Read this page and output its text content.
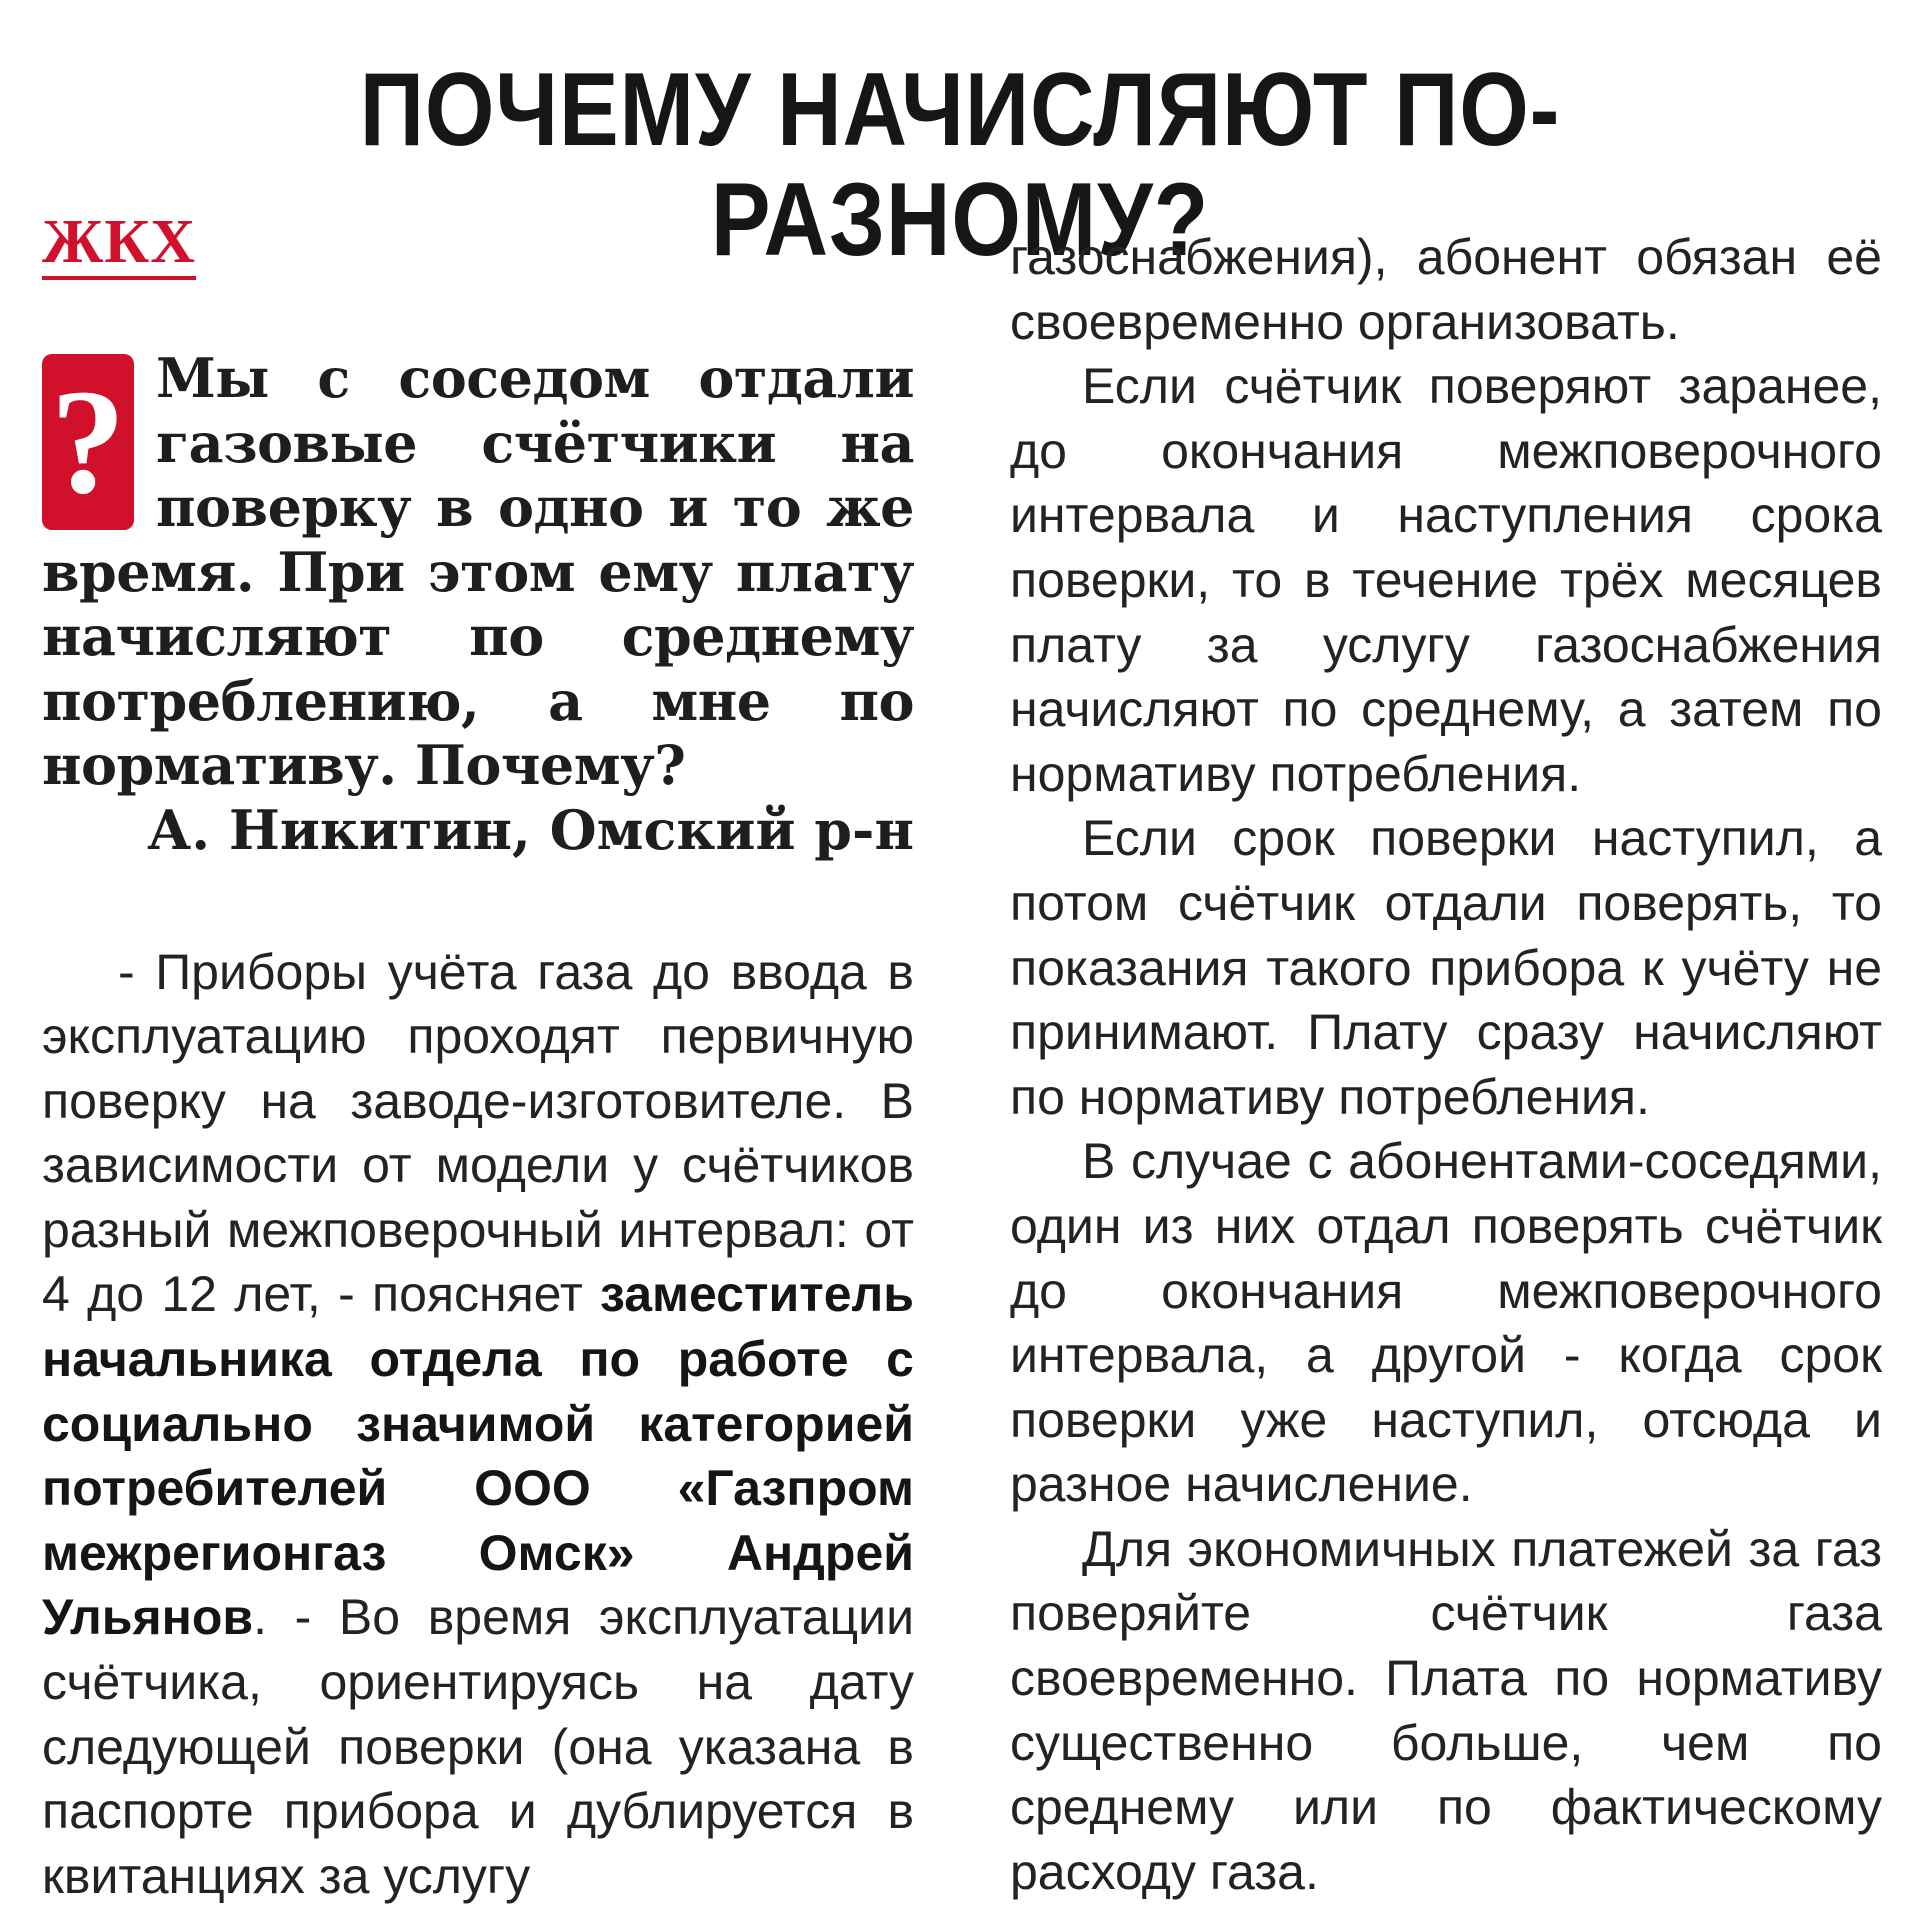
ПОЧЕМУ НАЧИСЛЯЮТ ПО-РАЗНОМУ?
ЖКХ
? Мы с соседом отдали газовые счётчики на поверку в одно и то же время. При этом ему плату начисляют по среднему потреблению, а мне по нормативу. Почему?

А. Никитин, Омский р-н

- Приборы учёта газа до ввода в эксплуатацию проходят первичную поверку на заводе-изготовителе. В зависимости от модели у счётчиков разный межповерочный интервал: от 4 до 12 лет, - поясняет заместитель начальника отдела по работе с социально значимой категорией потребителей ООО «Газпром межрегионгаз Омск» Андрей Ульянов. - Во время эксплуатации счётчика, ориентируясь на дату следующей поверки (она указана в паспорте прибора и дублируется в квитанциях за услугу

газоснабжения), абонент обязан её своевременно организовать.

Если счётчик поверяют заранее, до окончания межповерочного интервала и наступления срока поверки, то в течение трёх месяцев плату за услугу газоснабжения начисляют по среднему, а затем по нормативу потребления.

Если срок поверки наступил, а потом счётчик отдали поверять, то показания такого прибора к учёту не принимают. Плату сразу начисляют по нормативу потребления.

В случае с абонентами-соседями, один из них отдал поверять счётчик до окончания межповерочного интервала, а другой - когда срок поверки уже наступил, отсюда и разное начисление.

Для экономичных платежей за газ поверяйте счётчик газа своевременно. Плата по нормативу существенно больше, чем по среднему или по фактическому расходу газа.
